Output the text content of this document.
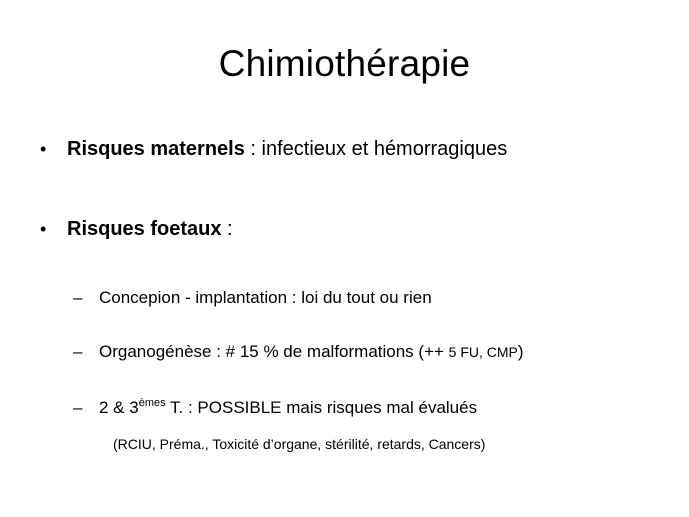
Chimiothérapie
• Risques maternels : infectieux et hémorragiques
• Risques foetaux :
– Concepion - implantation : loi du tout ou rien
– Organogénèse : # 15 % de malformations (++ 5 FU, CMP)
– 2 & 3èmes T. : POSSIBLE mais risques mal évalués
(RCIU, Préma., Toxicité d’organe, stérilité, retards, Cancers)
